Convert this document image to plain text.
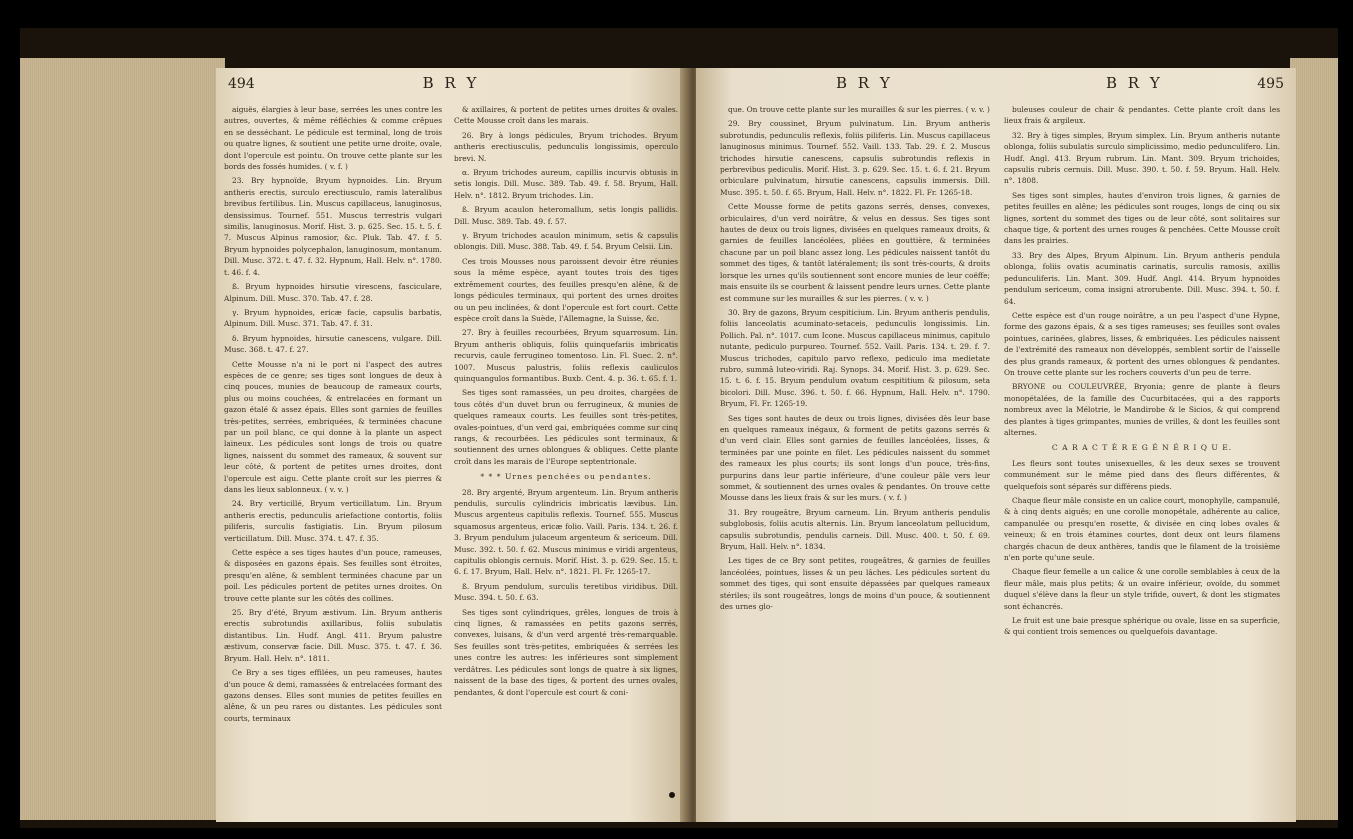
494	B R Y

aiguës, élargies à leur base, serrées les unes contre les autres, ouvertes, & même réfléchies & comme crêpues en se desséchant. Le pédicule est terminal, long de trois ou quatre lignes, & soutient une petite urne droite, ovale, dont l'opercule est pointu. On trouve cette plante sur les bords des fossés humides. ( v. f. )

23. Bry hypnoïde, Bryum hypnoides. Lin. Bryum antheris erectis, surculo erectiusculo, ramis lateralibus brevibus fertilibus. Lin. Muscus capillaceus, lanuginosus, densissimus. Tournef. 551. Muscus terrestris vulgari similis, lanuginosus. Morif. Hist. 3. p. 625. Sec. 15. t. 5. f. 7. Muscus Alpinus ramosior, &c. Pluk. Tab. 47. f. 5. Bryum hypnoides polycephalon, lanuginosum, montanum. Dill. Musc. 372. t. 47. f. 32. Hypnum, Hall. Helv. n°. 1780. t. 46. f. 4.

ß. Bryum hypnoides hirsutie virescens, fasciculare, Alpinum. Dill. Musc. 370. Tab. 47. f. 28.

γ. Bryum hypnoides, ericæ facie, capsulis barbatis, Alpinum. Dill. Musc. 371. Tab. 47. f. 31.

δ. Bryum hypnoides, hirsutie canescens, vulgare. Dill. Musc. 368. t. 47. f. 27.

Cette Mousse n'a ni le port ni l'aspect des autres espèces de ce genre; ses tiges sont longues de deux à cinq pouces, munies de beaucoup de rameaux courts, plus ou moins couchées, & entrelacées en formant un gazon étalé & assez épais. Elles sont garnies de feuilles très-petites, serrées, embriquées, & terminées chacune par un poil blanc, ce qui donne à la plante un aspect laineux. Les pédicules sont longs de trois ou quatre lignes, naissent du sommet des rameaux, & souvent sur leur côté, & portent de petites urnes droites, dont l'opercule est aigu. Cette plante croît sur les pierres & dans les lieux sablonneux. ( v. v. )

24. Bry verticillé, Bryum verticillatum. Lin. Bryum antheris erectis, pedunculis ariefactione contortis, foliis piliferis, surculis fastigiatis. Lin. Bryum pilosum verticillatum. Dill. Musc. 374. t. 47. f. 35.

Cette espèce a ses tiges hautes d'un pouce, rameuses, & disposées en gazons épais. Ses feuilles sont étroites, presqu'en alêne, & semblent terminées chacune par un poil. Les pédicules portent de petites urnes droites. On trouve cette plante sur les côtés des collines.

25. Bry d'été, Bryum æstivum. Lin. Bryum antheris erectis subrotundis axillaribus, foliis subulatis distantibus. Lin. Hudf. Angl. 411. Bryum palustre æstivum, conservæ facie. Dill. Musc. 375. t. 47. f. 36. Bryum. Hall. Helv. n°. 1811.

Ce Bry a ses tiges effilées, un peu rameuses, hautes d'un pouce & demi, ramassées & entrelacées formant des gazons denses. Elles sont munies de petites feuilles en alêne, & un peu rares ou distantes. Les pédicules sont courts, terminaux

& axillaires, & portent de petites urnes droites & ovales. Cette Mousse croît dans les marais.

26. Bry à longs pédicules, Bryum trichodes. Bryum antheris erectiusculis, pedunculis longissimis, operculo brevi. N.

α. Bryum trichodes aureum, capillis incurvis obtusis in setis longis. Dill. Musc. 389. Tab. 49. f. 58. Bryum, Hall. Helv. n°. 1812. Bryum trichodes. Lin.

ß. Bryum acaulon heteromallum, setis longis pallidis. Dill. Musc. 389. Tab. 49. f. 57.

γ. Bryum trichodes acaulon minimum, setis & capsulis oblongis. Dill. Musc. 388. Tab. 49. f. 54. Bryum Celsii. Lin.

Ces trois Mousses nous paroissent devoir être réunies sous la même espèce, ayant toutes trois des tiges extrêmement courtes, des feuilles presqu'en alêne, & de longs pédicules terminaux, qui portent des urnes droites ou un peu inclinées, & dont l'opercule est fort court. Cette espèce croît dans la Suède, l'Allemagne, la Suisse, &c.

27. Bry à feuilles recourbées, Bryum squarrosum. Lin. Bryum antheris obliquis, foliis quinquefariis imbricatis recurvis, caule ferrugineo tomentoso. Lin. Fl. Suec. 2. n°. 1007. Muscus palustris, foliis reflexis cauliculos quinquangulos formantibus. Buxb. Cent. 4. p. 36. t. 65. f. 1.

Ses tiges sont ramassées, un peu droites, chargées de tous côtés d'un duvet brun ou ferrugineux, & munies de quelques rameaux courts. Les feuilles sont très-petites, ovales-pointues, d'un verd gai, embriquées comme sur cinq rangs, & recourbées. Les pédicules sont terminaux, & soutiennent des urnes oblongues & obliques. Cette plante croît dans les marais de l'Europe septentrionale.

* * * Urnes penchées ou pendantes.

28. Bry argenté, Bryum argenteum. Lin. Bryum antheris pendulis, surculis cylindricis imbricatis lævibus. Lin. Muscus argenteus capitulis reflexis. Tournef. 555. Muscus squamosus argenteus, ericæ folio. Vaill. Paris. 134. t. 26. f. 3. Bryum pendulum julaceum argenteum & sericeum. Dill. Musc. 392. t. 50. f. 62. Muscus minimus e viridi argenteus, capitulis oblongis cernuis. Morif. Hist. 3. p. 629. Sec. 15. t. 6. f. 17. Bryum, Hall. Helv. n°. 1821. Fl. Fr. 1265-17.

ß. Bryum pendulum, surculis teretibus viridibus. Dill. Musc. 394. t. 50. f. 63.

Ses tiges sont cylindriques, grêles, longues de trois à cinq lignes, & ramassées en petits gazons serrés, convexes, luisans, & d'un verd argenté très-remarquable. Ses feuilles sont très-petites, embriquées & serrées les unes contre les autres: les inférieures sont simplement verdâtres. Les pédicules sont longs de quatre à six lignes, naissent de la base des tiges, & portent des urnes ovales, pendantes, & dont l'opercule est court & coni-

B R Y	B R Y	495

que. On trouve cette plante sur les murailles & sur les pierres. ( v. v. )

29. Bry coussinet, Bryum pulvinatum. Lin. Bryum antheris subrotundis, pedunculis reflexis, foliis piliferis. Lin. Muscus capillaceus lanuginosus minimus. Tournef. 552. Vaill. 133. Tab. 29. f. 2. Muscus trichodes hirsutie canescens, capsulis subrotundis reflexis in perbrevibus pediculis. Morif. Hist. 3. p. 629. Sec. 15. t. 6. f. 21. Bryum orbiculare pulvinatum, hirsutie canescens, capsulis immersis. Dill. Musc. 395. t. 50. f. 65. Bryum, Hall. Helv. n°. 1822. Fl. Fr. 1265-18.

Cette Mousse forme de petits gazons serrés, denses, convexes, orbiculaires, d'un verd noirâtre, & velus en dessus. Ses tiges sont hautes de deux ou trois lignes, divisées en quelques rameaux droits, & garnies de feuilles lancéolées, pliées en gouttière, & terminées chacune par un poil blanc assez long. Les pédicules naissent tantôt du sommet des tiges, & tantôt latéralement; ils sont très-courts, & droits lorsque les urnes qu'ils soutiennent sont encore munies de leur coëffe; mais ensuite ils se courbent & laissent pendre leurs urnes. Cette plante est commune sur les murailles & sur les pierres. ( v. v. )

30. Bry de gazons, Bryum cespiticium. Lin. Bryum antheris pendulis, foliis lanceolatis acuminato-setaceis, pedunculis longissimis. Lin. Pollich. Pal. n°. 1017. cum Icone. Muscus capillaceus minimus, capitulo nutante, pediculo purpureo. Tournef. 552. Vaill. Paris. 134. t. 29. f. 7. Muscus trichodes, capitulo parvo reflexo, pediculo ima medietate rubro, summâ luteo-viridi. Raj. Synops. 34. Morif. Hist. 3. p. 629. Sec. 15. t. 6. f. 15. Bryum pendulum ovatum cespititium & pilosum, seta bicolori. Dill. Musc. 396. t. 50. f. 66. Hypnum, Hall. Helv. n°. 1790. Bryum, Fl. Fr. 1265-19.

Ses tiges sont hautes de deux ou trois lignes, divisées dès leur base en quelques rameaux inégaux, & forment de petits gazons serrés & d'un verd clair. Elles sont garnies de feuilles lancéolées, lisses, & terminées par une pointe en filet. Les pédicules naissent du sommet des rameaux les plus courts; ils sont longs d'un pouce, très-fins, purpurins dans leur partie inférieure, d'une couleur pâle vers leur sommet, & soutiennent des urnes ovales & pendantes. On trouve cette Mousse dans les lieux frais & sur les murs. ( v. f. )

31. Bry rougeâtre, Bryum carneum. Lin. Bryum antheris pendulis subglobosis, foliis acutis alternis. Lin. Bryum lanceolatum pellucidum, capsulis subrotundis, pendulis carneis. Dill. Musc. 400. t. 50. f. 69. Bryum, Hall. Helv. n°. 1834.

Les tiges de ce Bry sont petites, rougeâtres, & garnies de feuilles lancéolées, pointues, lisses & un peu lâches. Les pédicules sortent du sommet des tiges, qui sont ensuite dépassées par quelques rameaux stériles; ils sont rougeâtres, longs de moins d'un pouce, & soutiennent des urnes glo-

buleuses couleur de chair & pendantes. Cette plante croît dans les lieux frais & argileux.

32. Bry à tiges simples, Bryum simplex. Lin. Bryum antheris nutante oblonga, foliis subulatis surculo simplicissimo, medio pedunculifero. Lin. Hudf. Angl. 413. Bryum rubrum. Lin. Mant. 309. Bryum trichoides, capsulis rubris cernuis. Dill. Musc. 390. t. 50. f. 59. Bryum. Hall. Helv. n°. 1808.

Ses tiges sont simples, hautes d'environ trois lignes, & garnies de petites feuilles en alêne; les pédicules sont rouges, longs de cinq ou six lignes, sortent du sommet des tiges ou de leur côté, sont solitaires sur chaque tige, & portent des urnes rouges & penchées. Cette Mousse croît dans les prairies.

33. Bry des Alpes, Bryum Alpinum. Lin. Bryum antheris pendula oblonga, foliis ovatis acuminatis carinatis, surculis ramosis, axillis pedunculiferis. Lin. Mant. 309. Hudf. Angl. 414. Bryum hypnoides pendulum sericeum, coma insigni atrorubente. Dill. Musc. 394. t. 50. f. 64.

Cette espèce est d'un rouge noirâtre, a un peu l'aspect d'une Hypne, forme des gazons épais, & a ses tiges rameuses; ses feuilles sont ovales pointues, carinées, glabres, lisses, & embriquées. Les pédicules naissent de l'extrémité des rameaux non développés, semblent sortir de l'aisselle des plus grands rameaux, & portent des urnes oblongues & pendantes. On trouve cette plante sur les rochers couverts d'un peu de terre.

BRYONE ou COULEUVRÉE, Bryonia; genre de plante à fleurs monopétalées, de la famille des Cucurbitacées, qui a des rapports nombreux avec la Mélotrie, le Mandirobe & le Sicios, & qui comprend des plantes à tiges grimpantes, munies de vrilles, & dont les feuilles sont alternes.

C A R A C T È R E G É N É R I Q U E.

Les fleurs sont toutes unisexuelles, & les deux sexes se trouvent communément sur le même pied dans des fleurs différentes, & quelquefois sont séparés sur différens pieds.

Chaque fleur mâle consiste en un calice court, monophylle, campanulé, & à cinq dents aiguës; en une corolle monopétale, adhérente au calice, campanulée ou presqu'en rosette, & divisée en cinq lobes ovales & veineux; & en trois étamines courtes, dont deux ont leurs filamens chargés chacun de deux anthères, tandis que le filament de la troisième n'en porte qu'une seule.

Chaque fleur femelle a un calice & une corolle semblables à ceux de la fleur mâle, mais plus petits; & un ovaire inférieur, ovoïde, du sommet duquel s'élève dans la fleur un style trifide, ouvert, & dont les stigmates sont échancrés.

Le fruit est une baie presque sphérique ou ovale, lisse en sa superficie, & qui contient trois semences ou quelquefois davantage.
